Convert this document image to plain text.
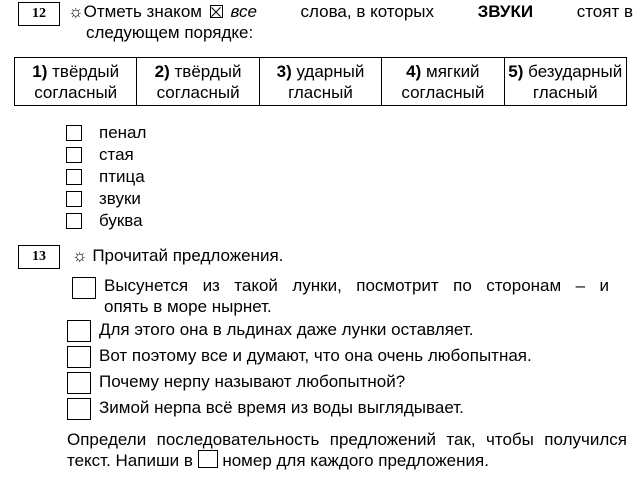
12	☼Отметь знаком все	слова, в которых	ЗВУКИ	стоят в
следующем порядке:
1) твёрдый
согласный	2) твёрдый
согласный	3) ударный
гласный	4) мягкий
согласный	5) безударный
гласный
пенал
стая
птица
звуки
буква
13	☼ Прочитай предложения.
Высунется из такой лунки, посмотрит по сторонам – и
опять в море нырнет.
Для этого она в льдинах даже лунки оставляет.
Вот поэтому все и думают, что она очень любопытная.
Почему нерпу называют любопытной?
Зимой нерпа всё время из воды выглядывает.
Определи последовательность предложений так, чтобы получился текст. Напиши в номер для каждого предложения.
